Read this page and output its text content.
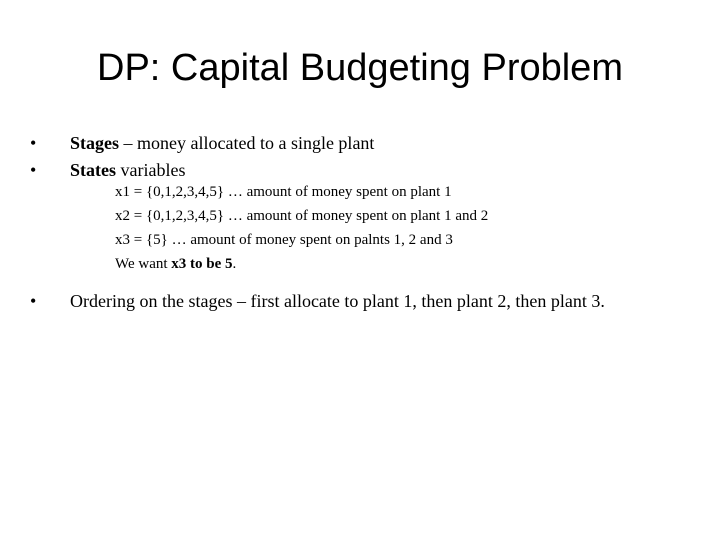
DP: Capital Budgeting Problem
• Stages – money allocated to a single plant
• States variables
x1 = {0,1,2,3,4,5} … amount of money spent on plant 1
x2 = {0,1,2,3,4,5} … amount of money spent on plant 1 and 2
x3 = {5} … amount of money spent on palnts 1, 2 and 3
We want x3 to be 5.
• Ordering on the stages – first allocate to plant 1, then plant 2, then plant 3.
